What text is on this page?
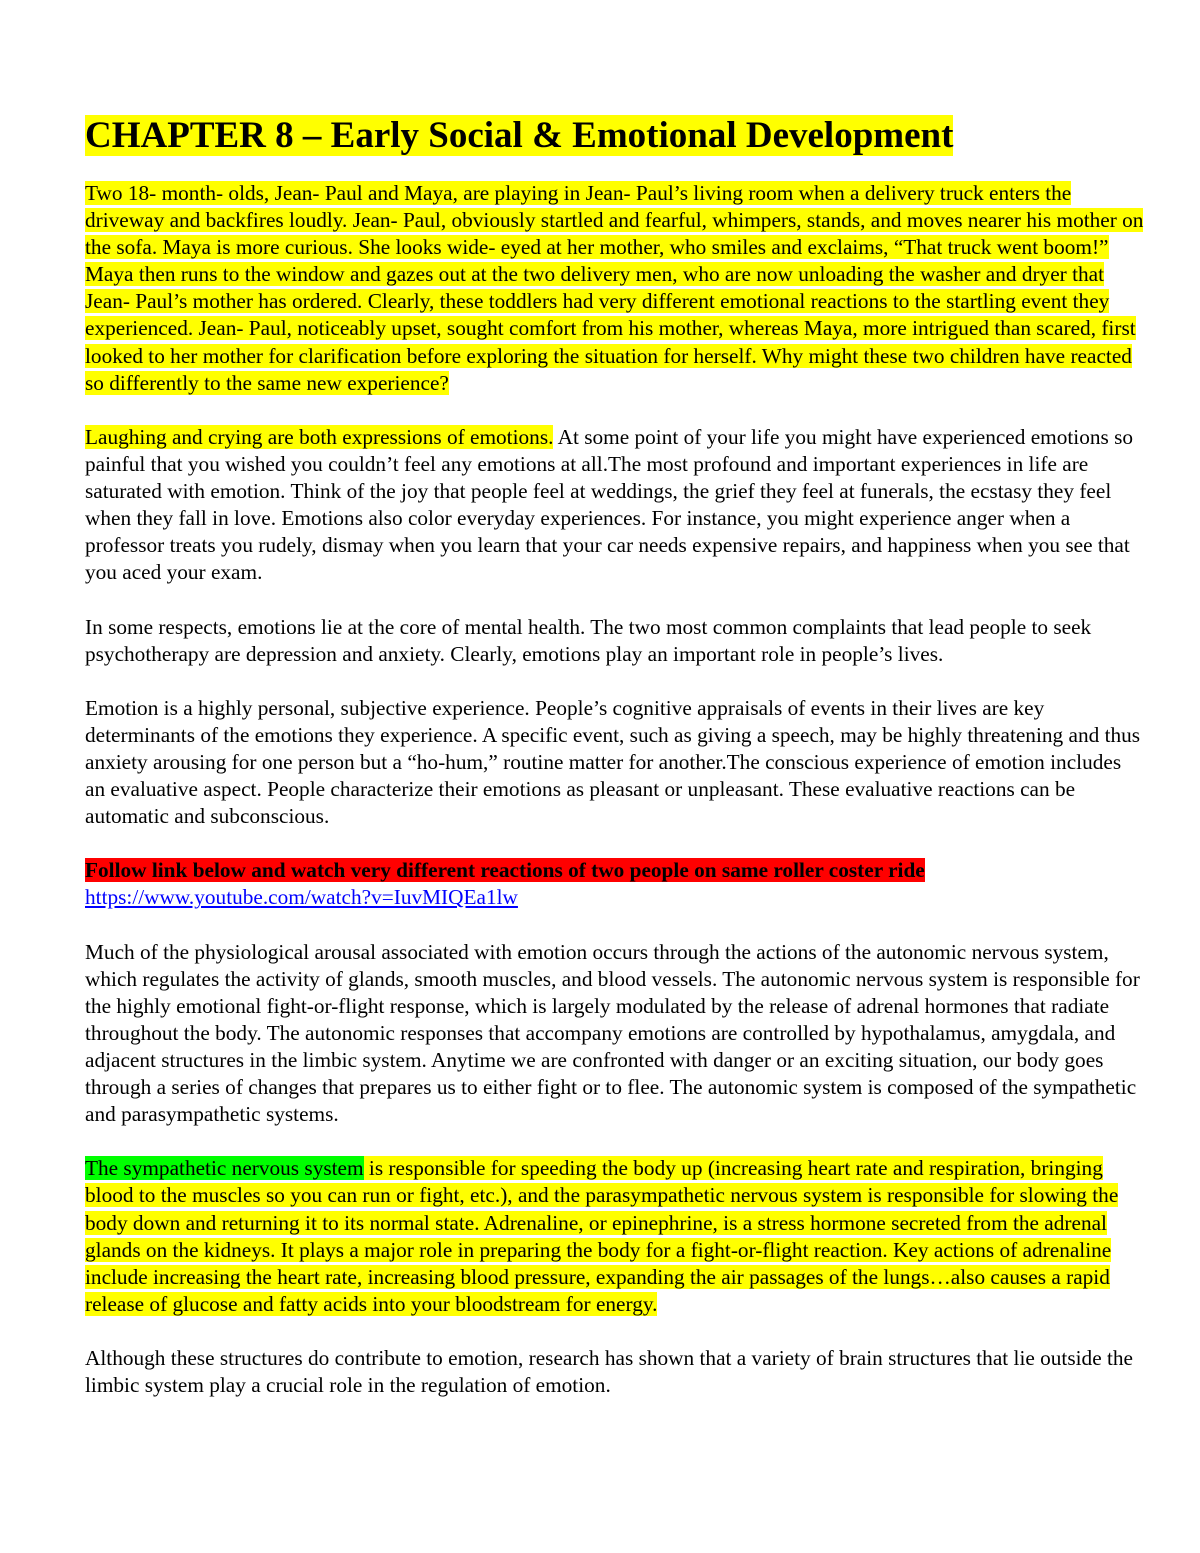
CHAPTER 8 – Early Social & Emotional Development

Two 18- month- olds, Jean- Paul and Maya, are playing in Jean- Paul’s living room when a delivery truck enters the driveway and backfires loudly. Jean- Paul, obviously startled and fearful, whimpers, stands, and moves nearer his mother on the sofa. Maya is more curious. She looks wide- eyed at her mother, who smiles and exclaims, “That truck went boom!” Maya then runs to the window and gazes out at the two delivery men, who are now unloading the washer and dryer that Jean- Paul’s mother has ordered. Clearly, these toddlers had very different emotional reactions to the startling event they experienced. Jean- Paul, noticeably upset, sought comfort from his mother, whereas Maya, more intrigued than scared, first looked to her mother for clarification before exploring the situation for herself. Why might these two children have reacted so differently to the same new experience?

Laughing and crying are both expressions of emotions. At some point of your life you might have experienced emotions so painful that you wished you couldn’t feel any emotions at all.The most profound and important experiences in life are saturated with emotion. Think of the joy that people feel at weddings, the grief they feel at funerals, the ecstasy they feel when they fall in love. Emotions also color everyday experiences. For instance, you might experience anger when a professor treats you rudely, dismay when you learn that your car needs expensive repairs, and happiness when you see that you aced your exam.

In some respects, emotions lie at the core of mental health. The two most common complaints that lead people to seek psychotherapy are depression and anxiety. Clearly, emotions play an important role in people’s lives.

Emotion is a highly personal, subjective experience. People’s cognitive appraisals of events in their lives are key determinants of the emotions they experience. A specific event, such as giving a speech, may be highly threatening and thus anxiety arousing for one person but a “ho-hum,” routine matter for another.The conscious experience of emotion includes an evaluative aspect. People characterize their emotions as pleasant or unpleasant. These evaluative reactions can be automatic and subconscious.

Follow link below and watch very different reactions of two people on same roller coster ride

https://www.youtube.com/watch?v=IuvMIQEa1lw

Much of the physiological arousal associated with emotion occurs through the actions of the autonomic nervous system, which regulates the activity of glands, smooth muscles, and blood vessels. The autonomic nervous system is responsible for the highly emotional fight-or-flight response, which is largely modulated by the release of adrenal hormones that radiate throughout the body. The autonomic responses that accompany emotions are controlled by hypothalamus, amygdala, and adjacent structures in the limbic system. Anytime we are confronted with danger or an exciting situation, our body goes through a series of changes that prepares us to either fight or to flee. The autonomic system is composed of the sympathetic and parasympathetic systems.

The sympathetic nervous system is responsible for speeding the body up (increasing heart rate and respiration, bringing blood to the muscles so you can run or fight, etc.), and the parasympathetic nervous system is responsible for slowing the body down and returning it to its normal state. Adrenaline, or epinephrine, is a stress hormone secreted from the adrenal glands on the kidneys. It plays a major role in preparing the body for a fight-or-flight reaction. Key actions of adrenaline include increasing the heart rate, increasing blood pressure, expanding the air passages of the lungs…also causes a rapid release of glucose and fatty acids into your bloodstream for energy.

Although these structures do contribute to emotion, research has shown that a variety of brain structures that lie outside the limbic system play a crucial role in the regulation of emotion.
